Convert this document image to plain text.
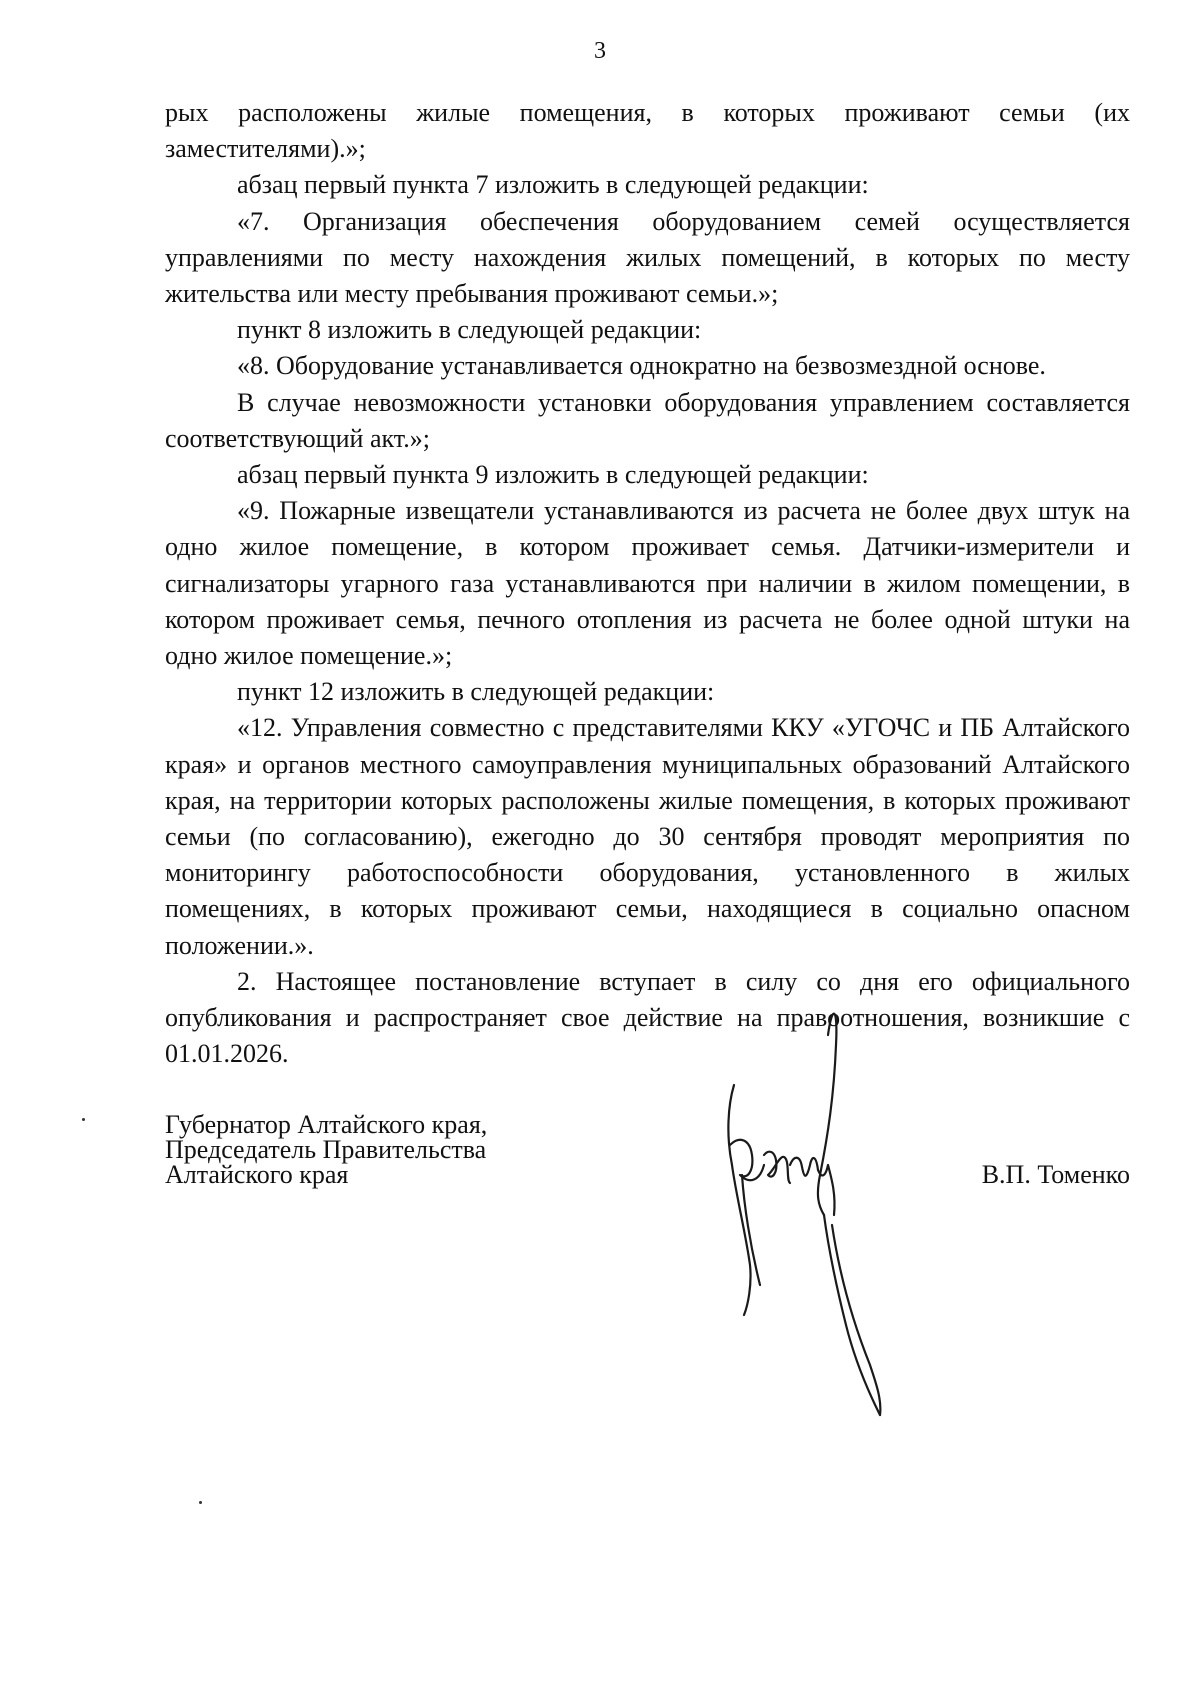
3

рых расположены жилые помещения, в которых проживают семьи (их заместителями).»;

абзац первый пункта 7 изложить в следующей редакции:

«7. Организация обеспечения оборудованием семей осуществляется управлениями по месту нахождения жилых помещений, в которых по месту жительства или месту пребывания проживают семьи.»;

пункт 8 изложить в следующей редакции:

«8. Оборудование устанавливается однократно на безвозмездной основе.

В случае невозможности установки оборудования управлением составляется соответствующий акт.»;

абзац первый пункта 9 изложить в следующей редакции:

«9. Пожарные извещатели устанавливаются из расчета не более двух штук на одно жилое помещение, в котором проживает семья. Датчики-измерители и сигнализаторы угарного газа устанавливаются при наличии в жилом помещении, в котором проживает семья, печного отопления из расчета не более одной штуки на одно жилое помещение.»;

пункт 12 изложить в следующей редакции:

«12. Управления совместно с представителями ККУ «УГОЧС и ПБ Алтайского края» и органов местного самоуправления муниципальных образований Алтайского края, на территории которых расположены жилые помещения, в которых проживают семьи (по согласованию), ежегодно до 30 сентября проводят мероприятия по мониторингу работоспособности оборудования, установленного в жилых помещениях, в которых проживают семьи, находящиеся в социально опасном положении.».

2. Настоящее постановление вступает в силу со дня его официального опубликования и распространяет свое действие на правоотношения, возникшие с 01.01.2026.

Губернатор Алтайского края,
Председатель Правительства
Алтайского края	В.П. Томенко
